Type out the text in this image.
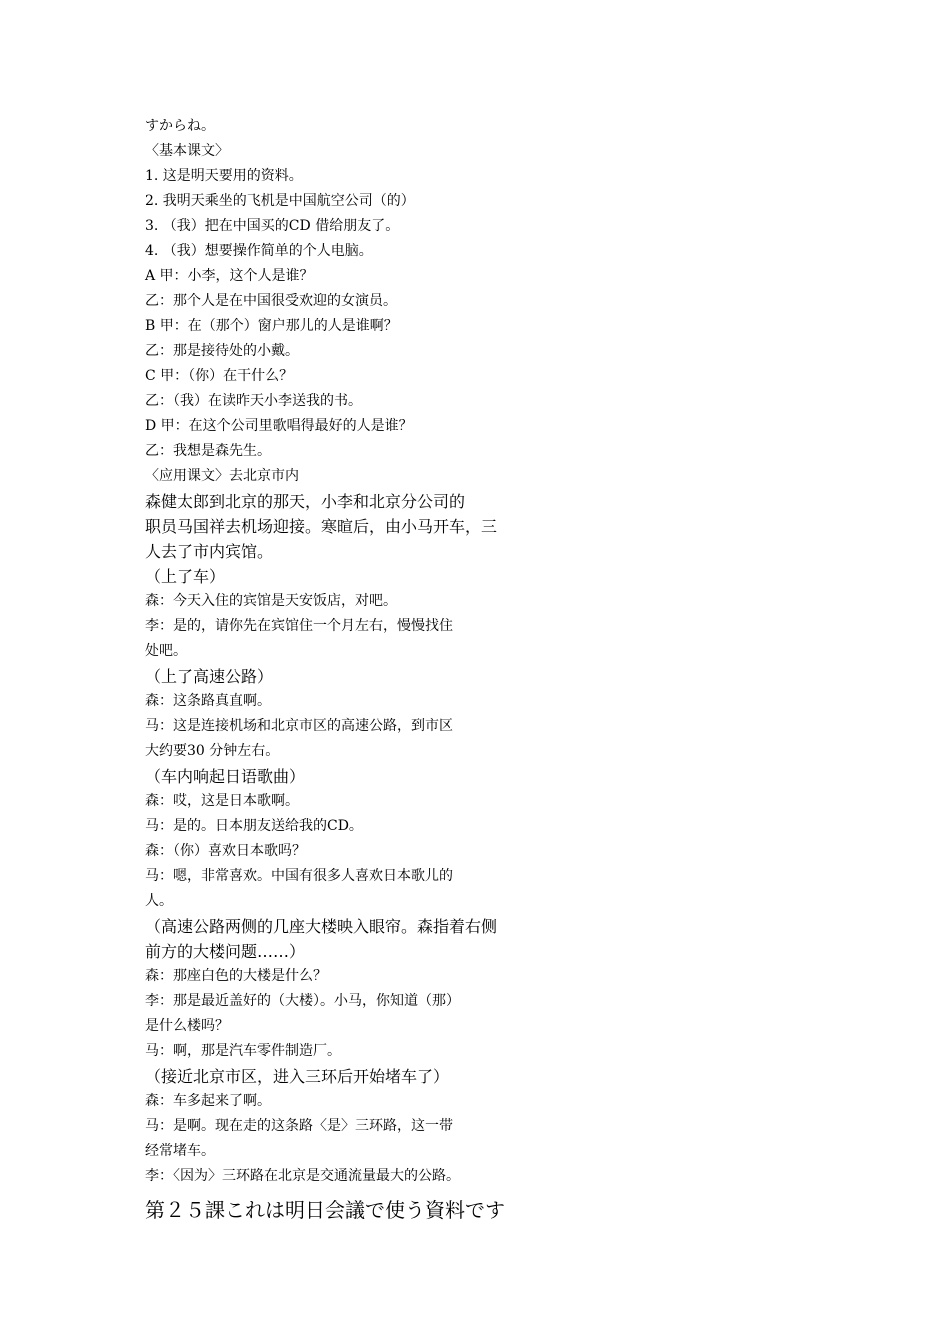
すからね。
〈基本课文〉
1. 这是明天要用的资料。
2. 我明天乘坐的飞机是中国航空公司（的）
3. （我）把在中国买的CD 借给朋友了。
4. （我）想要操作简单的个人电脑。
A 甲：小李，这个人是谁？
乙：那个人是在中国很受欢迎的女演员。
B 甲：在（那个）窗户那儿的人是谁啊？
乙：那是接待处的小戴。
C 甲：（你）在干什么？
乙：（我）在读昨天小李送我的书。
D 甲：在这个公司里歌唱得最好的人是谁？
乙：我想是森先生。
〈应用课文〉去北京市内
森健太郎到北京的那天，小李和北京分公司的
职员马国祥去机场迎接。寒暄后，由小马开车，三
人去了市内宾馆。
（上了车）
森：今天入住的宾馆是天安饭店，对吧。
李：是的，请你先在宾馆住一个月左右，慢慢找住
处吧。
（上了高速公路）
森：这条路真直啊。
马：这是连接机场和北京市区的高速公路，到市区
大约要30 分钟左右。
（车内响起日语歌曲）
森：哎，这是日本歌啊。
马：是的。日本朋友送给我的CD。
森：（你）喜欢日本歌吗？
马：嗯，非常喜欢。中国有很多人喜欢日本歌儿的
人。
（高速公路两侧的几座大楼映入眼帘。森指着右侧
前方的大楼问题……）
森：那座白色的大楼是什么？
李：那是最近盖好的（大楼）。小马，你知道（那）
是什么楼吗？
马：啊，那是汽车零件制造厂。
（接近北京市区，进入三环后开始堵车了）
森：车多起来了啊。
马：是啊。现在走的这条路〈是〉三环路，这一带
经常堵车。
李：〈因为〉三环路在北京是交通流量最大的公路。
第２５課これは明日会議で使う資料です
